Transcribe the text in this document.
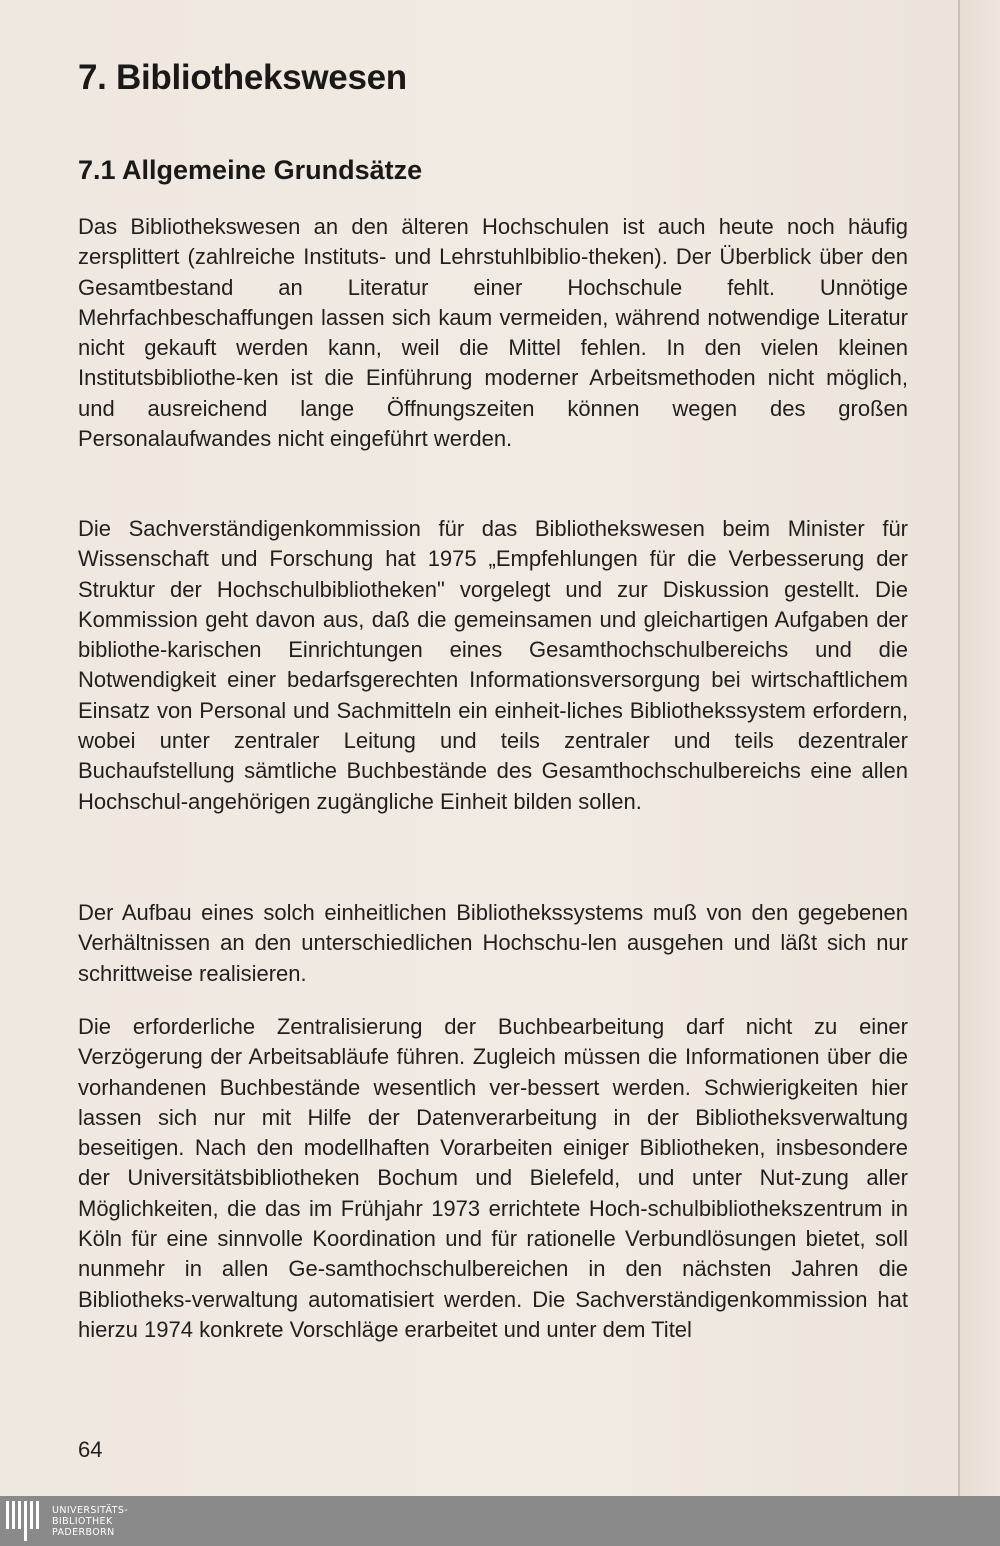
7. Bibliothekswesen
7.1 Allgemeine Grundsätze

Das Bibliothekswesen an den älteren Hochschulen ist auch heute noch häufig zersplittert (zahlreiche Instituts- und Lehrstuhlbiblio-theken). Der Überblick über den Gesamtbestand an Literatur einer Hochschule fehlt. Unnötige Mehrfachbeschaffungen lassen sich kaum vermeiden, während notwendige Literatur nicht gekauft werden kann, weil die Mittel fehlen. In den vielen kleinen Institutsbibliothe-ken ist die Einführung moderner Arbeitsmethoden nicht möglich, und ausreichend lange Öffnungszeiten können wegen des großen Personalaufwandes nicht eingeführt werden.

Die Sachverständigenkommission für das Bibliothekswesen beim Minister für Wissenschaft und Forschung hat 1975 „Empfehlungen für die Verbesserung der Struktur der Hochschulbibliotheken" vorgelegt und zur Diskussion gestellt. Die Kommission geht davon aus, daß die gemeinsamen und gleichartigen Aufgaben der bibliothe-karischen Einrichtungen eines Gesamthochschulbereichs und die Notwendigkeit einer bedarfsgerechten Informationsversorgung bei wirtschaftlichem Einsatz von Personal und Sachmitteln ein einheit-liches Bibliothekssystem erfordern, wobei unter zentraler Leitung und teils zentraler und teils dezentraler Buchaufstellung sämtliche Buchbestände des Gesamthochschulbereichs eine allen Hochschul-angehörigen zugängliche Einheit bilden sollen.

Der Aufbau eines solch einheitlichen Bibliothekssystems muß von den gegebenen Verhältnissen an den unterschiedlichen Hochschu-len ausgehen und läßt sich nur schrittweise realisieren.

Die erforderliche Zentralisierung der Buchbearbeitung darf nicht zu einer Verzögerung der Arbeitsabläufe führen. Zugleich müssen die Informationen über die vorhandenen Buchbestände wesentlich ver-bessert werden. Schwierigkeiten hier lassen sich nur mit Hilfe der Datenverarbeitung in der Bibliotheksverwaltung beseitigen. Nach den modellhaften Vorarbeiten einiger Bibliotheken, insbesondere der Universitätsbibliotheken Bochum und Bielefeld, und unter Nut-zung aller Möglichkeiten, die das im Frühjahr 1973 errichtete Hoch-schulbibliothekszentrum in Köln für eine sinnvolle Koordination und für rationelle Verbundlösungen bietet, soll nunmehr in allen Ge-samthochschulbereichen in den nächsten Jahren die Bibliotheks-verwaltung automatisiert werden. Die Sachverständigenkommission hat hierzu 1974 konkrete Vorschläge erarbeitet und unter dem Titel

64

UNIVERSITÄTS-
BIBLIOTHEK
PADERBORN
